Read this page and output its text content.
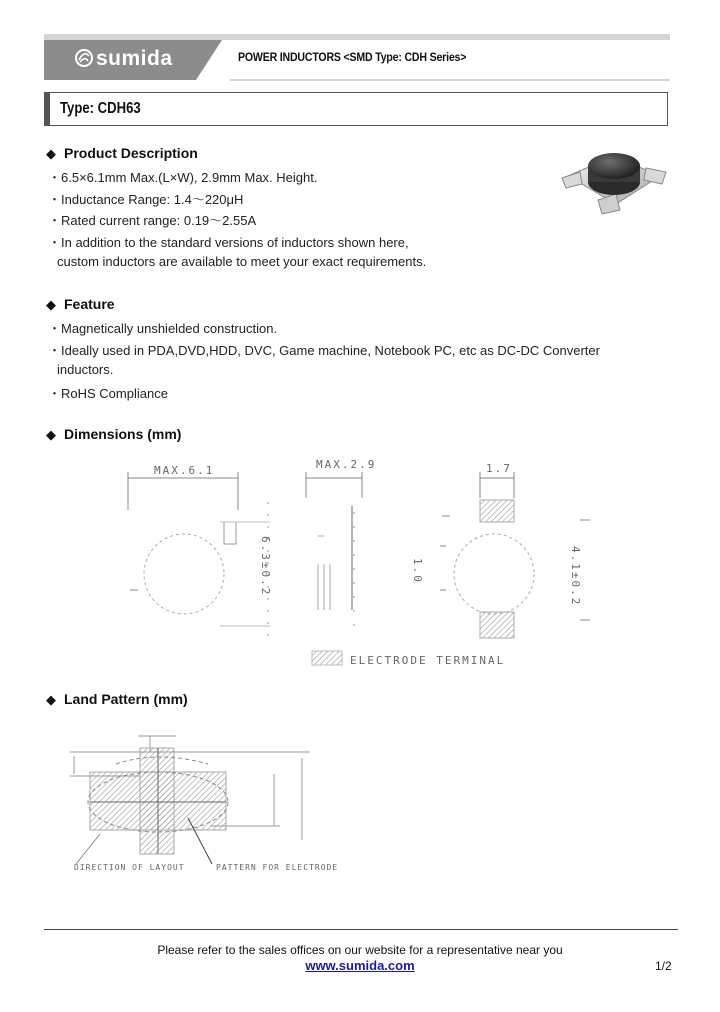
sumida	POWER INDUCTORS <SMD Type: CDH Series>
Type: CDH63
◆ Product Description
・6.5×6.1mm Max.(L×W), 2.9mm Max. Height.
・Inductance Range: 1.4～220μH
・Rated current range: 0.19～2.55A
・In addition to the standard versions of inductors shown here,
custom inductors are available to meet your exact requirements.
◆ Feature
・Magnetically unshielded construction.
・Ideally used in PDA,DVD,HDD, DVC, Game machine, Notebook PC, etc as DC-DC Converter
inductors.
・RoHS Compliance
◆ Dimensions (mm)
MAX.6.1
6.3±0.2
MAX.2.9	1.7
1.0	4.1±0.2
ELECTRODE TERMINAL
◆ Land Pattern (mm)
DIRECTION OF LAYOUT	PATTERN FOR ELECTRODE
Please refer to the sales offices on our website for a representative near you
www.sumida.com	1/2
